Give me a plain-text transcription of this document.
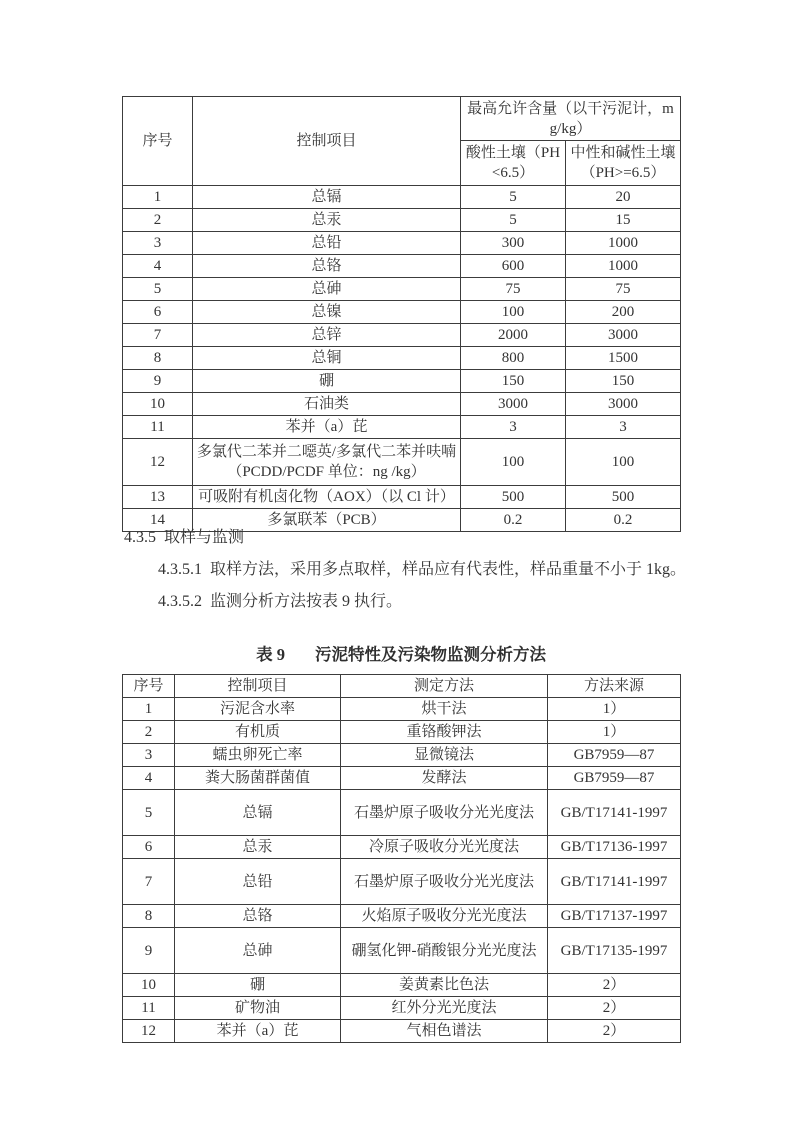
序号	控制项目	最高允许含量（以干污泥计，mg/kg）	
		酸性土壤（PH<6.5）	中性和碱性土壤（PH>=6.5）
1	总镉	5	20
2	总汞	5	15
3	总铅	300	1000
4	总铬	600	1000
5	总砷	75	75
6	总镍	100	200
7	总锌	2000	3000
8	总铜	800	1500
9	硼	150	150
10	石油类	3000	3000
11	苯并（a）芘	3	3
12	多氯代二苯并二噁英/多氯代二苯并呋喃（PCDD/PCDF 单位：ng /kg）	100	100
13	可吸附有机卤化物（AOX）（以 Cl 计）	500	500
14	多氯联苯（PCB）	0.2	0.2
4.3.5  取样与监测
4.3.5.1  取样方法，采用多点取样，样品应有代表性，样品重量不小于 1kg。
4.3.5.2  监测分析方法按表 9 执行。
表 9 污泥特性及污染物监测分析方法
序号	控制项目	测定方法	方法来源
1	污泥含水率	烘干法	1）
2	有机质	重铬酸钾法	1）
3	蠕虫卵死亡率	显微镜法	GB7959—87
4	粪大肠菌群菌值	发酵法	GB7959—87
5	总镉	石墨炉原子吸收分光光度法	GB/T17141-1997
6	总汞	冷原子吸收分光光度法	GB/T17136-1997
7	总铅	石墨炉原子吸收分光光度法	GB/T17141-1997
8	总铬	火焰原子吸收分光光度法	GB/T17137-1997
9	总砷	硼氢化钾-硝酸银分光光度法	GB/T17135-1997
10	硼	姜黄素比色法	2）
11	矿物油	红外分光光度法	2）
12	苯并（a）芘	气相色谱法	2）
